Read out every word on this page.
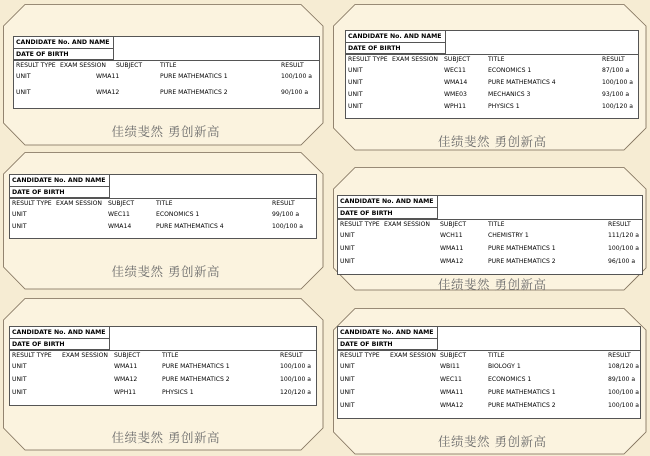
CANDIDATE No. AND NAME
DATE OF BIRTH
RESULT TYPE EXAM SESSION SUBJECT	TITLE	RESULT
UNIT	WMA11	PURE MATHEMATICS 1	100/100 a
UNIT	WMA12	PURE MATHEMATICS 2	90/100 a
佳绩斐然 勇创新高
CANDIDATE No. AND NAME
DATE OF BIRTH
RESULT TYPE EXAM SESSION SUBJECT	TITLE	RESULT
UNIT	WEC11	ECONOMICS 1	87/100 a
UNIT	WMA14	PURE MATHEMATICS 4	100/100 a
UNIT	WME03	MECHANICS 3	93/100 a
UNIT	WPH11	PHYSICS 1	100/120 a
佳绩斐然 勇创新高
CANDIDATE No. AND NAME
DATE OF BIRTH
RESULT TYPE EXAM SESSION SUBJECT	TITLE	RESULT
UNIT	WEC11	ECONOMICS 1	99/100 a
UNIT	WMA14	PURE MATHEMATICS 4	100/100 a
佳绩斐然 勇创新高
CANDIDATE No. AND NAME
DATE OF BIRTH
RESULT TYPE EXAM SESSION SUBJECT	TITLE	RESULT
UNIT	WCH11	CHEMISTRY 1	111/120 a
UNIT	WMA11	PURE MATHEMATICS 1	100/100 a
UNIT	WMA12	PURE MATHEMATICS 2	96/100 a
佳绩斐然 勇创新高
CANDIDATE No. AND NAME
DATE OF BIRTH
RESULT TYPE EXAM SESSION SUBJECT	TITLE	RESULT
UNIT	WMA11	PURE MATHEMATICS 1	100/100 a
UNIT	WMA12	PURE MATHEMATICS 2	100/100 a
UNIT	WPH11	PHYSICS 1	120/120 a
佳绩斐然 勇创新高
CANDIDATE No. AND NAME
DATE OF BIRTH
RESULT TYPE EXAM SESSION SUBJECT	TITLE	RESULT
UNIT	WBI11	BIOLOGY 1	108/120 a
UNIT	WEC11	ECONOMICS 1	89/100 a
UNIT	WMA11	PURE MATHEMATICS 1	100/100 a
UNIT	WMA12	PURE MATHEMATICS 2	100/100 a
佳绩斐然 勇创新高
